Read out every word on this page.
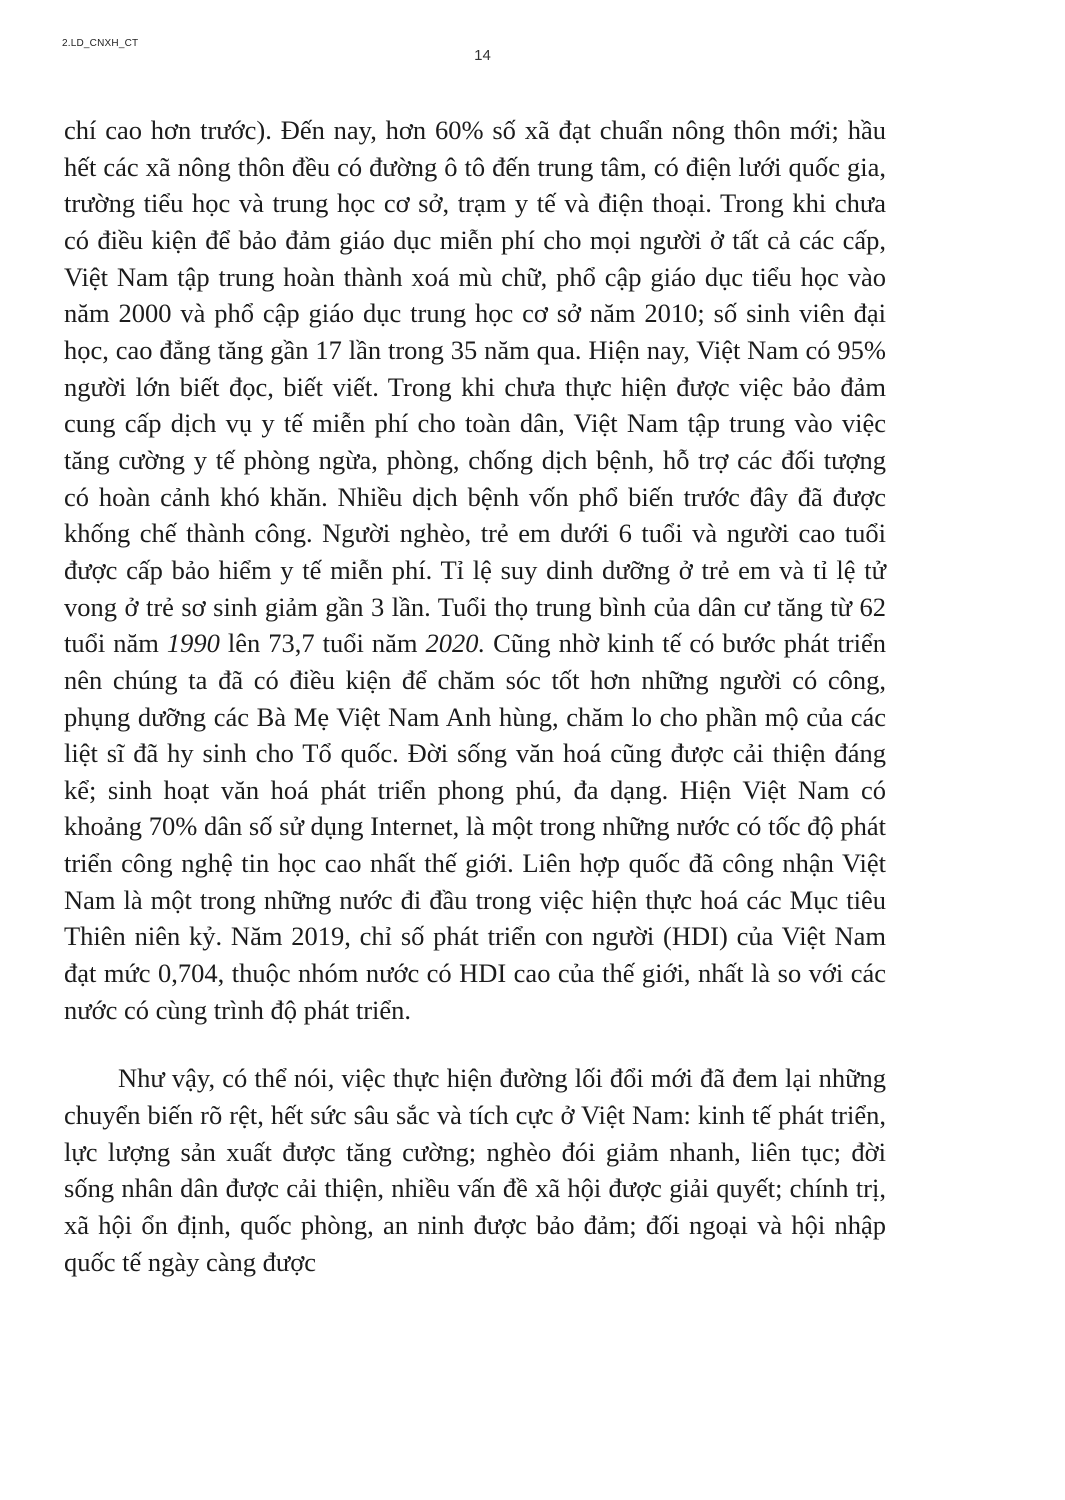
2.LD_CNXH_CT
14

chí cao hơn trước). Đến nay, hơn 60% số xã đạt chuẩn nông thôn mới; hầu hết các xã nông thôn đều có đường ô tô đến trung tâm, có điện lưới quốc gia, trường tiểu học và trung học cơ sở, trạm y tế và điện thoại. Trong khi chưa có điều kiện để bảo đảm giáo dục miễn phí cho mọi người ở tất cả các cấp, Việt Nam tập trung hoàn thành xoá mù chữ, phổ cập giáo dục tiểu học vào năm 2000 và phổ cập giáo dục trung học cơ sở năm 2010; số sinh viên đại học, cao đẳng tăng gần 17 lần trong 35 năm qua. Hiện nay, Việt Nam có 95% người lớn biết đọc, biết viết. Trong khi chưa thực hiện được việc bảo đảm cung cấp dịch vụ y tế miễn phí cho toàn dân, Việt Nam tập trung vào việc tăng cường y tế phòng ngừa, phòng, chống dịch bệnh, hỗ trợ các đối tượng có hoàn cảnh khó khăn. Nhiều dịch bệnh vốn phổ biến trước đây đã được khống chế thành công. Người nghèo, trẻ em dưới 6 tuổi và người cao tuổi được cấp bảo hiểm y tế miễn phí. Tỉ lệ suy dinh dưỡng ở trẻ em và tỉ lệ tử vong ở trẻ sơ sinh giảm gần 3 lần. Tuổi thọ trung bình của dân cư tăng từ 62 tuổi năm 1990 lên 73,7 tuổi năm 2020. Cũng nhờ kinh tế có bước phát triển nên chúng ta đã có điều kiện để chăm sóc tốt hơn những người có công, phụng dưỡng các Bà Mẹ Việt Nam Anh hùng, chăm lo cho phần mộ của các liệt sĩ đã hy sinh cho Tổ quốc. Đời sống văn hoá cũng được cải thiện đáng kể; sinh hoạt văn hoá phát triển phong phú, đa dạng. Hiện Việt Nam có khoảng 70% dân số sử dụng Internet, là một trong những nước có tốc độ phát triển công nghệ tin học cao nhất thế giới. Liên hợp quốc đã công nhận Việt Nam là một trong những nước đi đầu trong việc hiện thực hoá các Mục tiêu Thiên niên kỷ. Năm 2019, chỉ số phát triển con người (HDI) của Việt Nam đạt mức 0,704, thuộc nhóm nước có HDI cao của thế giới, nhất là so với các nước có cùng trình độ phát triển.

Như vậy, có thể nói, việc thực hiện đường lối đổi mới đã đem lại những chuyển biến rõ rệt, hết sức sâu sắc và tích cực ở Việt Nam: kinh tế phát triển, lực lượng sản xuất được tăng cường; nghèo đói giảm nhanh, liên tục; đời sống nhân dân được cải thiện, nhiều vấn đề xã hội được giải quyết; chính trị, xã hội ổn định, quốc phòng, an ninh được bảo đảm; đối ngoại và hội nhập quốc tế ngày càng được
